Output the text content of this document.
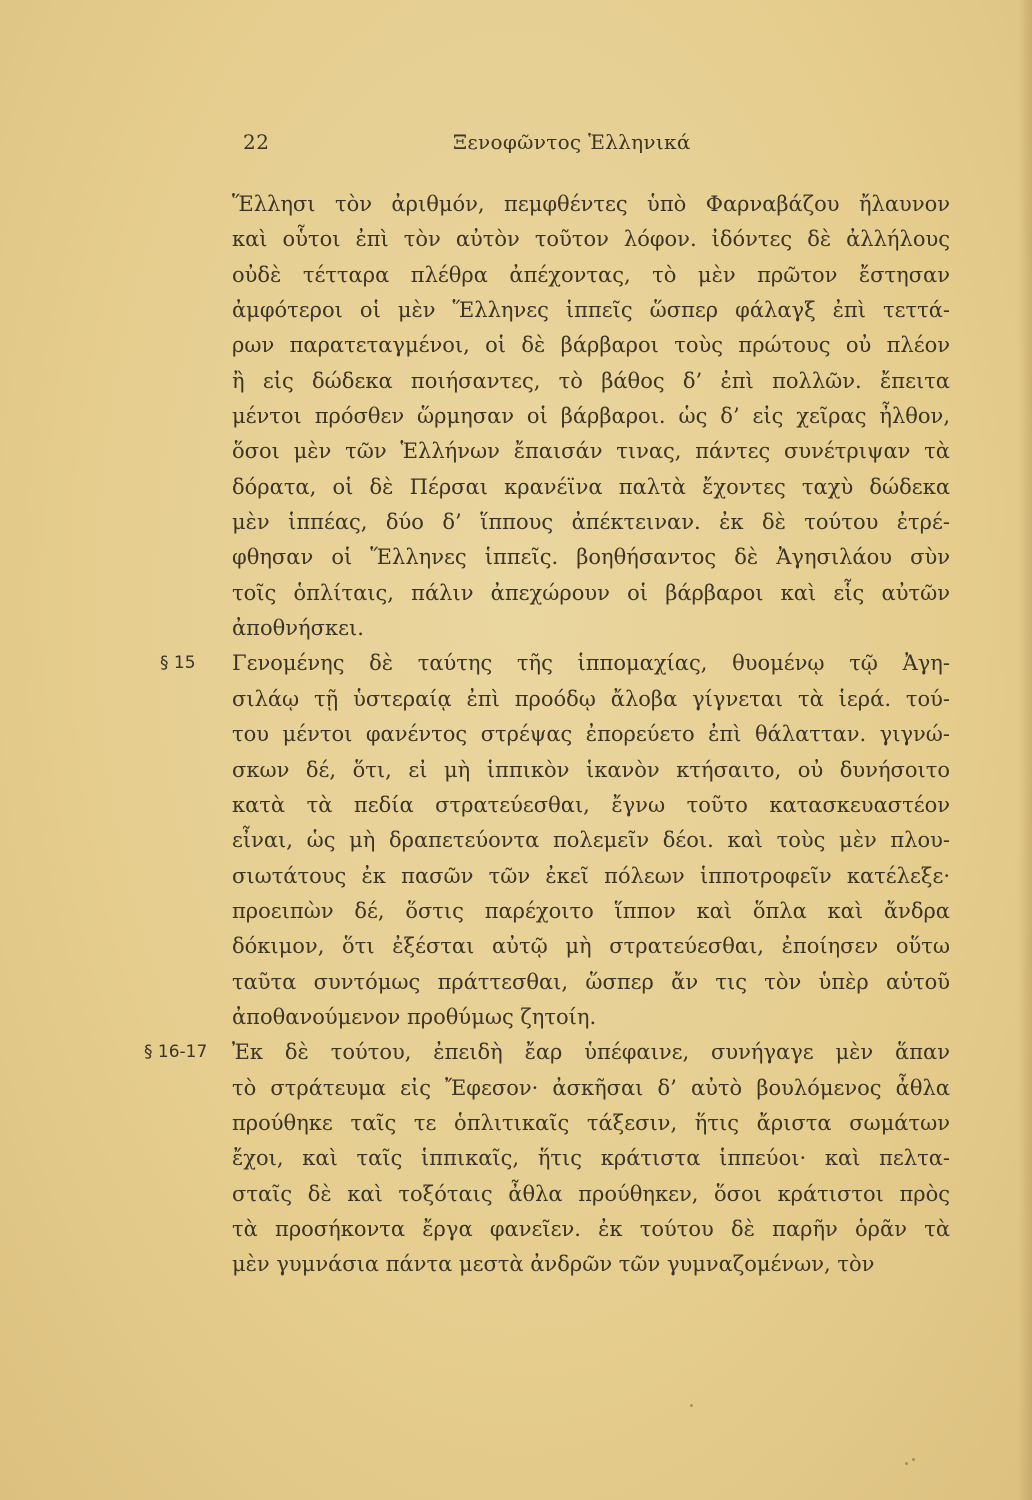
22	Ξενοφῶντος Ἑλληνικά
Ἕλλησι τὸν ἀριθμόν, πεμφθέντες ὑπὸ Φαρναβάζου ἤλαυνον
καὶ οὗτοι ἐπὶ τὸν αὐτὸν τοῦτον λόφον. ἰδόντες δὲ ἀλλήλους
οὐδὲ τέτταρα πλέθρα ἀπέχοντας, τὸ μὲν πρῶτον ἔστησαν
ἀμφότεροι οἱ μὲν Ἕλληνες ἱππεῖς ὥσπερ φάλαγξ ἐπὶ τεττά-
ρων παρατεταγμένοι, οἱ δὲ βάρβαροι τοὺς πρώτους οὐ πλέον
ἢ εἰς δώδεκα ποιήσαντες, τὸ βάθος δ’ ἐπὶ πολλῶν. ἔπειτα
μέντοι πρόσθεν ὥρμησαν οἱ βάρβαροι. ὡς δ’ εἰς χεῖρας ἦλθον,
ὅσοι μὲν τῶν Ἑλλήνων ἔπαισάν τινας, πάντες συνέτριψαν τὰ
δόρατα, οἱ δὲ Πέρσαι κρανέϊνα παλτὰ ἔχοντες ταχὺ δώδεκα
μὲν ἱππέας, δύο δ’ ἵππους ἀπέκτειναν. ἐκ δὲ τούτου ἐτρέ-
φθησαν οἱ Ἕλληνες ἱππεῖς. βοηθήσαντος δὲ Ἀγησιλάου σὺν
τοῖς ὁπλίταις, πάλιν ἀπεχώρουν οἱ βάρβαροι καὶ εἷς αὐτῶν
ἀποθνήσκει.
Γενομένης δὲ ταύτης τῆς ἱππομαχίας, θυομένῳ τῷ Ἀγη-
§ 15
σιλάῳ τῇ ὑστεραίᾳ ἐπὶ προόδῳ ἄλοβα γίγνεται τὰ ἱερά. τού-
του μέντοι φανέντος στρέψας ἐπορεύετο ἐπὶ θάλατταν. γιγνώ-
σκων δέ, ὅτι, εἰ μὴ ἱππικὸν ἱκανὸν κτήσαιτο, οὐ δυνήσοιτο
κατὰ τὰ πεδία στρατεύεσθαι, ἔγνω τοῦτο κατασκευαστέον
εἶναι, ὡς μὴ δραπετεύοντα πολεμεῖν δέοι. καὶ τοὺς μὲν πλου-
σιωτάτους ἐκ πασῶν τῶν ἐκεῖ πόλεων ἱπποτροφεῖν κατέλεξε·
προειπὼν δέ, ὅστις παρέχοιτο ἵππον καὶ ὅπλα καὶ ἄνδρα
δόκιμον, ὅτι ἐξέσται αὐτῷ μὴ στρατεύεσθαι, ἐποίησεν οὕτω
ταῦτα συντόμως πράττεσθαι, ὥσπερ ἄν τις τὸν ὑπὲρ αὑτοῦ
ἀποθανούμενον προθύμως ζητοίη.
Ἐκ δὲ τούτου, ἐπειδὴ ἔαρ ὑπέφαινε, συνήγαγε μὲν ἅπαν
§ 16-17
τὸ στράτευμα εἰς Ἔφεσον· ἀσκῆσαι δ’ αὐτὸ βουλόμενος ἆθλα
προύθηκε ταῖς τε ὁπλιτικαῖς τάξεσιν, ἥτις ἄριστα σωμάτων
ἔχοι, καὶ ταῖς ἱππικαῖς, ἥτις κράτιστα ἱππεύοι· καὶ πελτα-
σταῖς δὲ καὶ τοξόταις ἆθλα προύθηκεν, ὅσοι κράτιστοι πρὸς
τὰ προσήκοντα ἔργα φανεῖεν. ἐκ τούτου δὲ παρῆν ὁρᾶν τὰ
μὲν γυμνάσια πάντα μεστὰ ἀνδρῶν τῶν γυμναζομένων, τὸν
